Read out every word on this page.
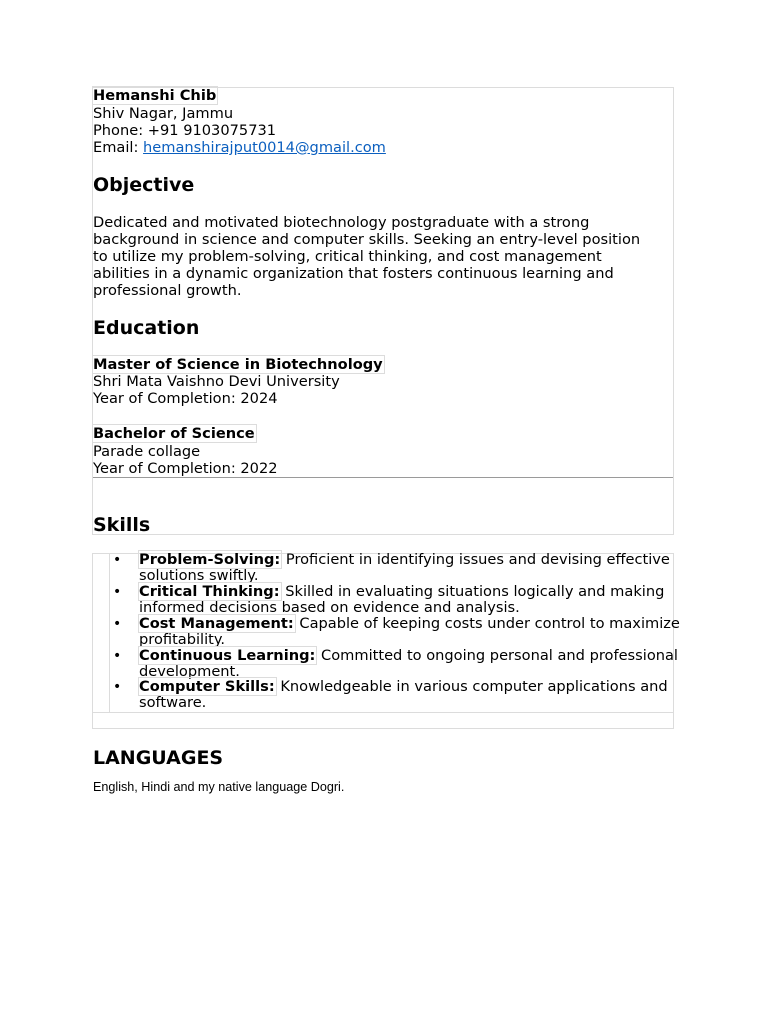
Hemanshi Chib
Shiv Nagar, Jammu
Phone: +91 9103075731
Email: hemanshirajput0014@gmail.com
Objective
Dedicated and motivated biotechnology postgraduate with a strong
background in science and computer skills. Seeking an entry-level position
to utilize my problem-solving, critical thinking, and cost management
abilities in a dynamic organization that fosters continuous learning and
professional growth.
Education
Master of Science in Biotechnology
Shri Mata Vaishno Devi University
Year of Completion: 2024
Bachelor of Science
Parade collage
Year of Completion: 2022
Skills
• Problem-Solving: Proficient in identifying issues and devising effective
solutions swiftly.
• Critical Thinking: Skilled in evaluating situations logically and making
informed decisions based on evidence and analysis.
• Cost Management: Capable of keeping costs under control to maximize
profitability.
• Continuous Learning: Committed to ongoing personal and professional
development.
• Computer Skills: Knowledgeable in various computer applications and
software.
LANGUAGES
English, Hindi and my native language Dogri.
